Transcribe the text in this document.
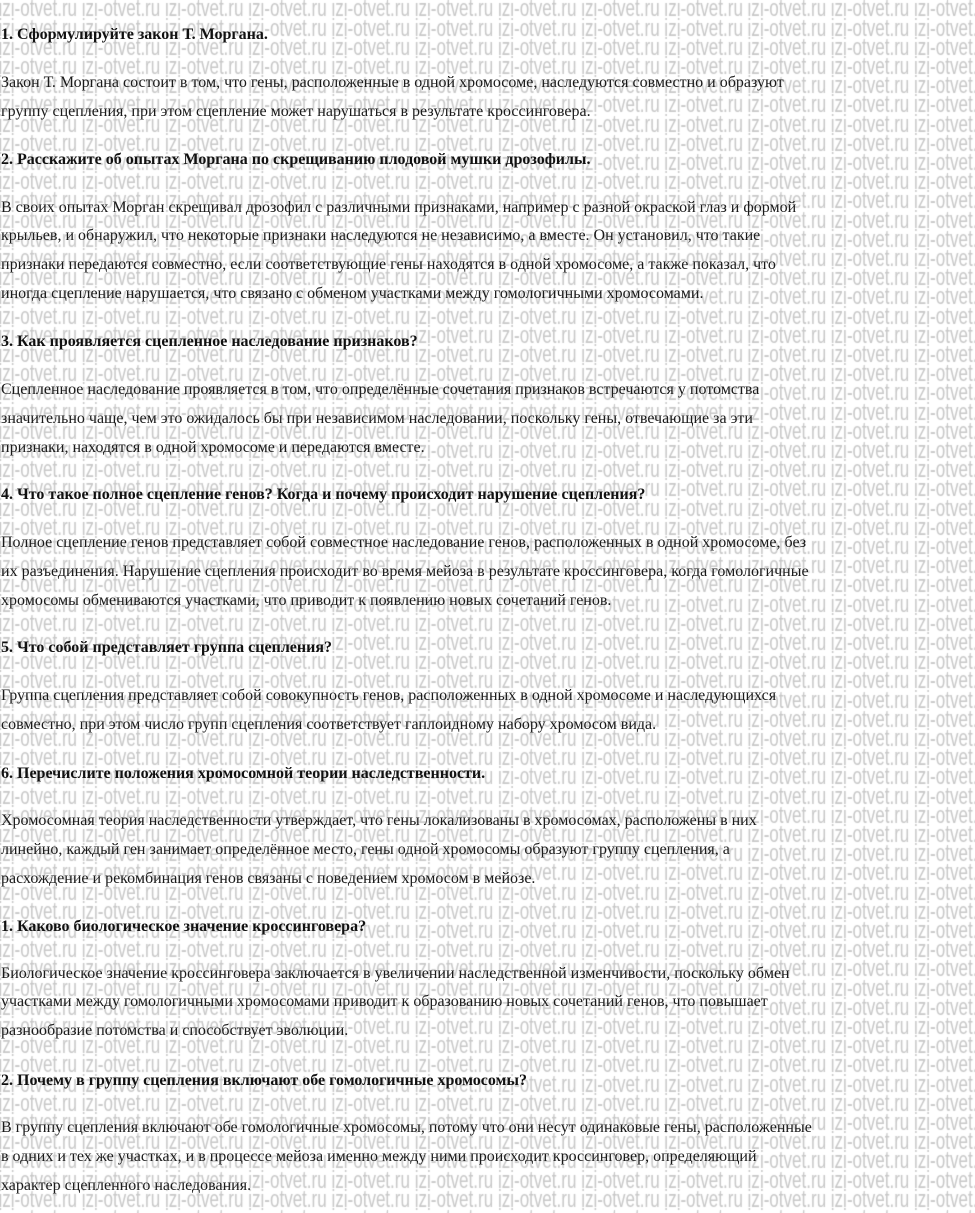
1. Сформулируйте закон Т. Моргана.
Закон Т. Моргана состоит в том, что гены, расположенные в одной хромосоме, наследуются совместно и образуют
группу сцепления, при этом сцепление может нарушаться в результате кроссинговера.
2. Расскажите об опытах Моргана по скрещиванию плодовой мушки дрозофилы.
В своих опытах Морган скрещивал дрозофил с различными признаками, например с разной окраской глаз и формой
крыльев, и обнаружил, что некоторые признаки наследуются не независимо, а вместе. Он установил, что такие
признаки передаются совместно, если соответствующие гены находятся в одной хромосоме, а также показал, что
иногда сцепление нарушается, что связано с обменом участками между гомологичными хромосомами.
3. Как проявляется сцепленное наследование признаков?
Сцепленное наследование проявляется в том, что определённые сочетания признаков встречаются у потомства
значительно чаще, чем это ожидалось бы при независимом наследовании, поскольку гены, отвечающие за эти
признаки, находятся в одной хромосоме и передаются вместе.
4. Что такое полное сцепление генов? Когда и почему происходит нарушение сцепления?
Полное сцепление генов представляет собой совместное наследование генов, расположенных в одной хромосоме, без
их разъединения. Нарушение сцепления происходит во время мейоза в результате кроссинговера, когда гомологичные
хромосомы обмениваются участками, что приводит к появлению новых сочетаний генов.
5. Что собой представляет группа сцепления?
Группа сцепления представляет собой совокупность генов, расположенных в одной хромосоме и наследующихся
совместно, при этом число групп сцепления соответствует гаплоидному набору хромосом вида.
6. Перечислите положения хромосомной теории наследственности.
Хромосомная теория наследственности утверждает, что гены локализованы в хромосомах, расположены в них
линейно, каждый ген занимает определённое место, гены одной хромосомы образуют группу сцепления, а
расхождение и рекомбинация генов связаны с поведением хромосом в мейозе.
1. Каково биологическое значение кроссинговера?
Биологическое значение кроссинговера заключается в увеличении наследственной изменчивости, поскольку обмен
участками между гомологичными хромосомами приводит к образованию новых сочетаний генов, что повышает
разнообразие потомства и способствует эволюции.
2. Почему в группу сцепления включают обе гомологичные хромосомы?
В группу сцепления включают обе гомологичные хромосомы, потому что они несут одинаковые гены, расположенные
в одних и тех же участках, и в процессе мейоза именно между ними происходит кроссинговер, определяющий
характер сцепленного наследования.
